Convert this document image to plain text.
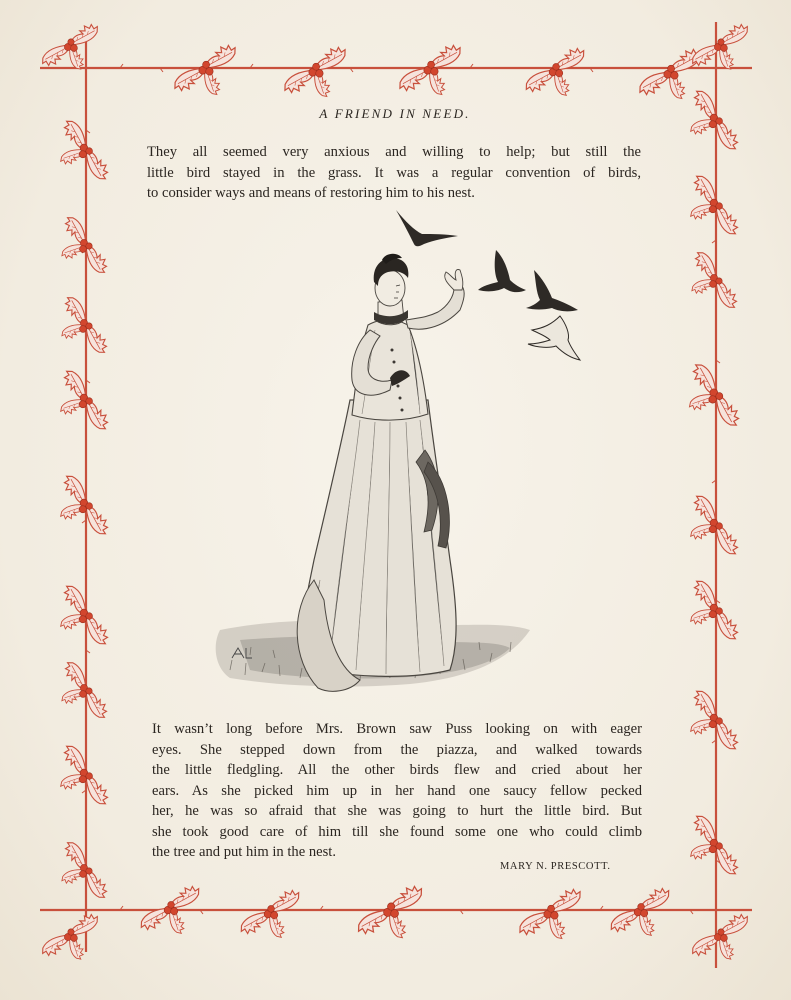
A FRIEND IN NEED.

They all seemed very anxious and willing to help; but still the
little bird stayed in the grass. It was a regular convention of birds,
to consider ways and means of restoring him to his nest.

It wasn’t long before Mrs. Brown saw Puss looking on with eager
eyes. She stepped down from the piazza, and walked towards
the little fledgling. All the other birds flew and cried about her
ears. As she picked him up in her hand one saucy fellow pecked
her, he was so afraid that she was going to hurt the little bird. But
she took good care of him till she found some one who could climb
the tree and put him in the nest.

MARY N. PRESCOTT.
